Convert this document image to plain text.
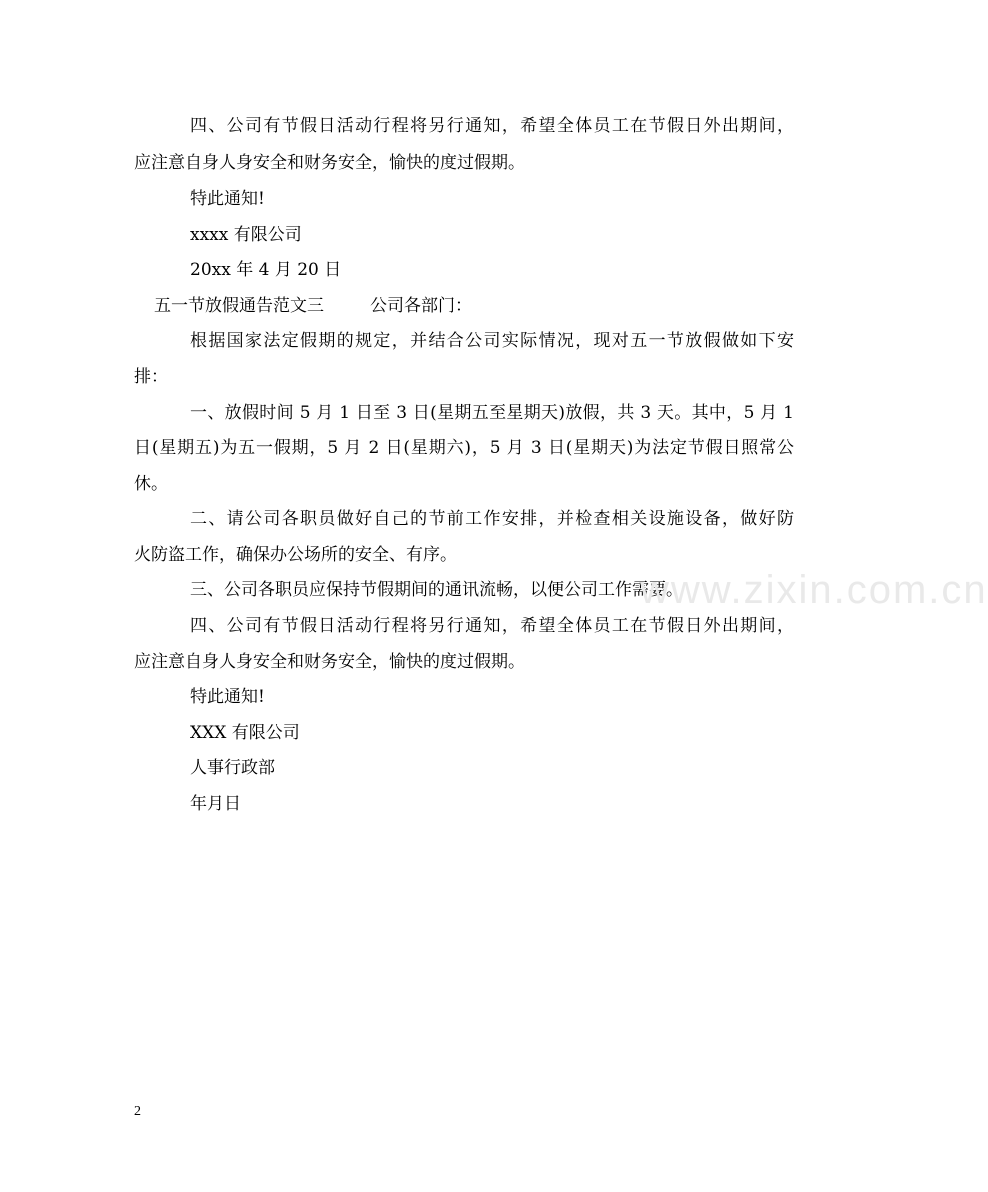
四、公司有节假日活动行程将另行通知，希望全体员工在节假日外出期间，
应注意自身人身安全和财务安全，愉快的度过假期。
特此通知!
xxxx 有限公司
20xx 年 4 月 20 日
五一节放假通告范文三	公司各部门：
根据国家法定假期的规定，并结合公司实际情况，现对五一节放假做如下安
排：
一、放假时间 5 月 1 日至 3 日(星期五至星期天)放假，共 3 天。其中，5 月 1
日(星期五)为五一假期，5 月 2 日(星期六)，5 月 3 日(星期天)为法定节假日照常公
休。
二、请公司各职员做好自己的节前工作安排，并检查相关设施设备，做好防
火防盗工作，确保办公场所的安全、有序。
三、公司各职员应保持节假期间的通讯流畅，以便公司工作需要。
四、公司有节假日活动行程将另行通知，希望全体员工在节假日外出期间，
应注意自身人身安全和财务安全，愉快的度过假期。
特此通知!
XXX 有限公司
人事行政部
年月日
www.zixin.com.cn
2
